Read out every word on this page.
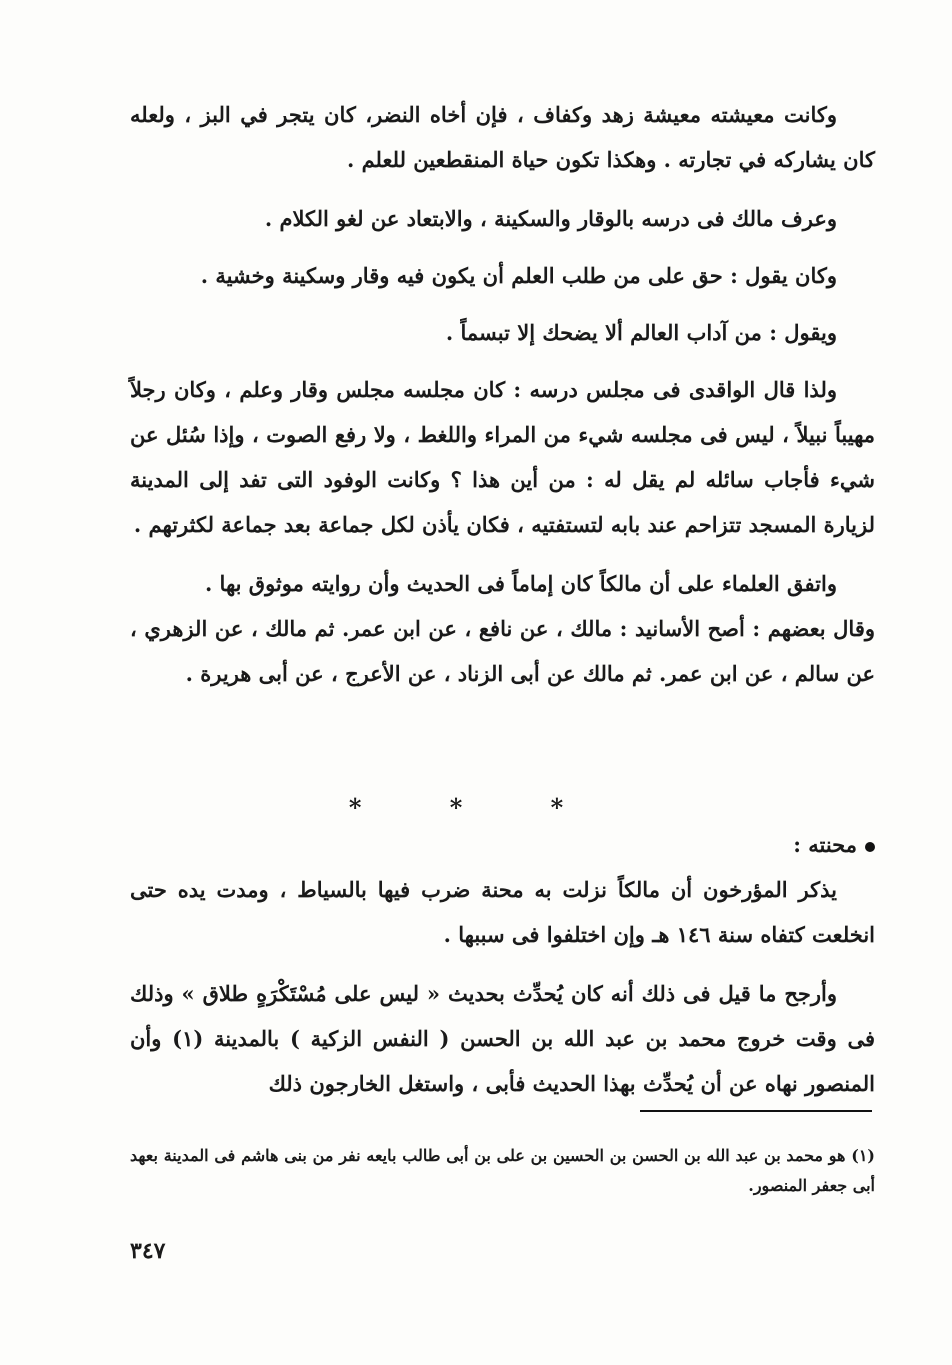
وكانت معيشته معيشة زهد وكفاف ، فإن أخاه النضر، كان يتجر في البز ، ولعله كان يشاركه في تجارته . وهكذا تكون حياة المنقطعين للعلم .

وعرف مالك فى درسه بالوقار والسكينة ، والابتعاد عن لغو الكلام .

وكان يقول : حق على من طلب العلم أن يكون فيه وقار وسكينة وخشية .

ويقول : من آداب العالم ألا يضحك إلا تبسماً .

ولذا قال الواقدى فى مجلس درسه : كان مجلسه مجلس وقار وعلم ، وكان رجلاً مهيباً نبيلاً ، ليس فى مجلسه شيء من المراء واللغط ، ولا رفع الصوت ، وإذا سُئل عن شيء فأجاب سائله لم يقل له : من أين هذا ؟ وكانت الوفود التى تفد إلى المدينة لزيارة المسجد تتزاحم عند بابه لتستفتيه ، فكان يأذن لكل جماعة بعد جماعة لكثرتهم .

واتفق العلماء على أن مالكاً كان إماماً فى الحديث وأن روايته موثوق بها .

وقال بعضهم : أصح الأسانيد : مالك ، عن نافع ، عن ابن عمر. ثم مالك ، عن الزهري ، عن سالم ، عن ابن عمر. ثم مالك عن أبى الزناد ، عن الأعرج ، عن أبى هريرة .

* * *

محنته :

يذكر المؤرخون أن مالكاً نزلت به محنة ضرب فيها بالسياط ، ومدت يده حتى انخلعت كتفاه سنة ١٤٦ هـ وإن اختلفوا فى سببها .

وأرجح ما قيل فى ذلك أنه كان يُحدِّث بحديث « ليس على مُسْتَكْرَهٍ طلاق » وذلك فى وقت خروج محمد بن عبد الله بن الحسن ( النفس الزكية ) بالمدينة (١) وأن المنصور نهاه عن أن يُحدِّث بهذا الحديث فأبى ، واستغل الخارجون ذلك

(١) هو محمد بن عبد الله بن الحسن بن الحسين بن على بن أبى طالب بايعه نفر من بنى هاشم فى المدينة بعهد أبى جعفر المنصور.

٣٤٧
